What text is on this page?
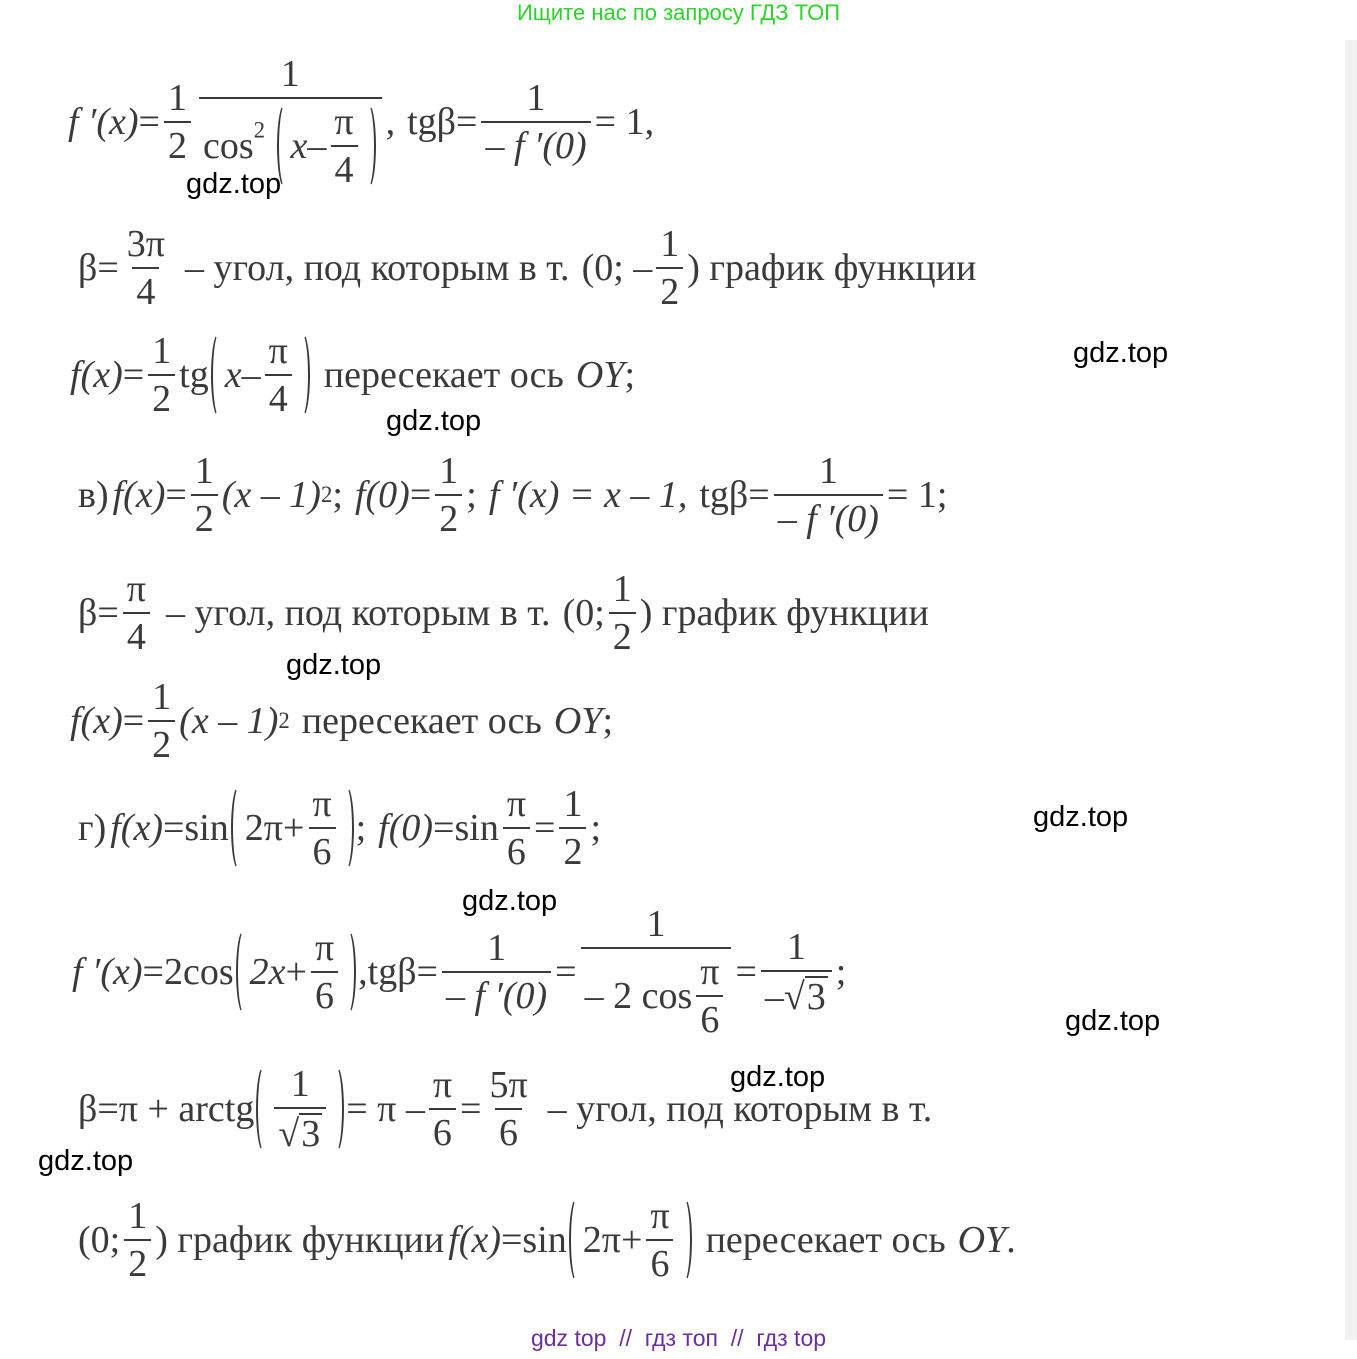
Ищите нас по запросу ГДЗ ТОП
f $'(x) = \frac{1}{2}$
1
$\cos^2 x$ –
π
4
, $tg\beta = \frac{1}{- f '(0)} = 1$,
gdz.top
$\beta = \frac{3\pi}{4}$ – угол, под которым в т. (0; –
1
2
) график функции
$f(x) = \frac{1}{2}$ tg x –
π
4
пересекает ось OY ;
gdz.top
gdz.top
в) $f(x) = \frac{1}{2} (x - 1)$ 2 ; $f(0) = \frac{1}{2}$ ; f ′(x) = x – 1, $tg\beta = \frac{1}{- f '(0)} = 1$;
$\beta = \frac{\pi}{4}$ – угол, под которым в т. (0;
1
2
) график функции
gdz.top
$f(x) = \frac{1}{2} (x - 1)$ 2 пересекает ось OY ;
г) $f(x) = \sin 2\pi + \frac{\pi}{6}$ ; $f(0) = \sin \frac{\pi}{6} = \frac{1}{2}$ ;	gdz.top
gdz.top
f ′(x) = 2cos $2x + \frac{\pi}{6}$ , $tg\beta = \frac{1}{- f '(0)} = 1$
– 2 cos
π
$6 = \frac{1}{-√ 3}$ ;
gdz.top
gdz.top
β = π + arctg
1
√ 3
= $\pi - \frac{\pi}{6} = \frac{5\pi}{6}$ – угол, под которым в т.
gdz.top
(0;
1
2
) график функции $f(x) = \sin 2\pi + \frac{\pi}{6}$ пересекает ось OY .
gdz top // гдз топ // гдз top
